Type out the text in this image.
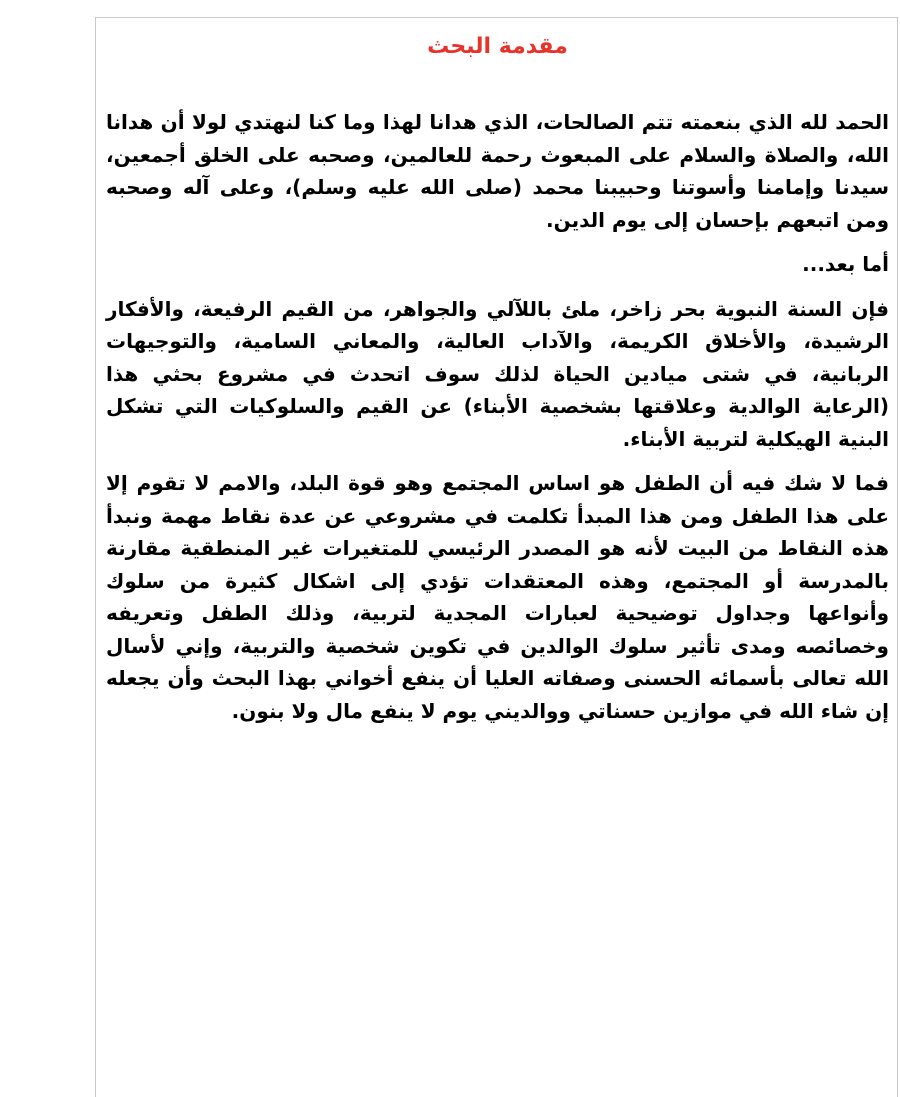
مقدمة البحث

الحمد لله الذي بنعمته تتم الصالحات، الذي هدانا لهذا وما كنا لنهتدي لولا أن هدانا الله، والصلاة والسلام على المبعوث رحمة للعالمين، وصحبه على الخلق أجمعين، سيدنا وإمامنا وأسوتنا وحبيبنا محمد (صلى الله عليه وسلم)، وعلى آله وصحبه ومن اتبعهم بإحسان إلى يوم الدين.

أما بعد...

فإن السنة النبوية بحر زاخر، ملئ باللآلي والجواهر، من القيم الرفيعة، والأفكار الرشيدة، والأخلاق الكريمة، والآداب العالية، والمعاني السامية، والتوجيهات الربانية، في شتى ميادين الحياة لذلك سوف اتحدث في مشروع بحثي هذا (الرعاية الوالدية وعلاقتها بشخصية الأبناء) عن القيم والسلوكيات التي تشكل البنية الهيكلية لتربية الأبناء.

فما لا شك فيه أن الطفل هو اساس المجتمع وهو قوة البلد، والامم لا تقوم إلا على هذا الطفل ومن هذا المبدأ تكلمت في مشروعي عن عدة نقاط مهمة ونبدأ هذه النقاط من البيت لأنه هو المصدر الرئيسي للمتغيرات غير المنطقية مقارنة بالمدرسة أو المجتمع، وهذه المعتقدات تؤدي إلى اشكال كثيرة من سلوك وأنواعها وجداول توضيحية لعبارات المجدية لتربية، وذلك الطفل وتعريفه وخصائصه ومدى تأثير سلوك الوالدين في تكوين شخصية والتربية، وإني لأسال الله تعالى بأسمائه الحسنى وصفاته العليا أن ينفع أخواني بهذا البحث وأن يجعله إن شاء الله في موازين حسناتي ووالديني يوم لا ينفع مال ولا بنون.
